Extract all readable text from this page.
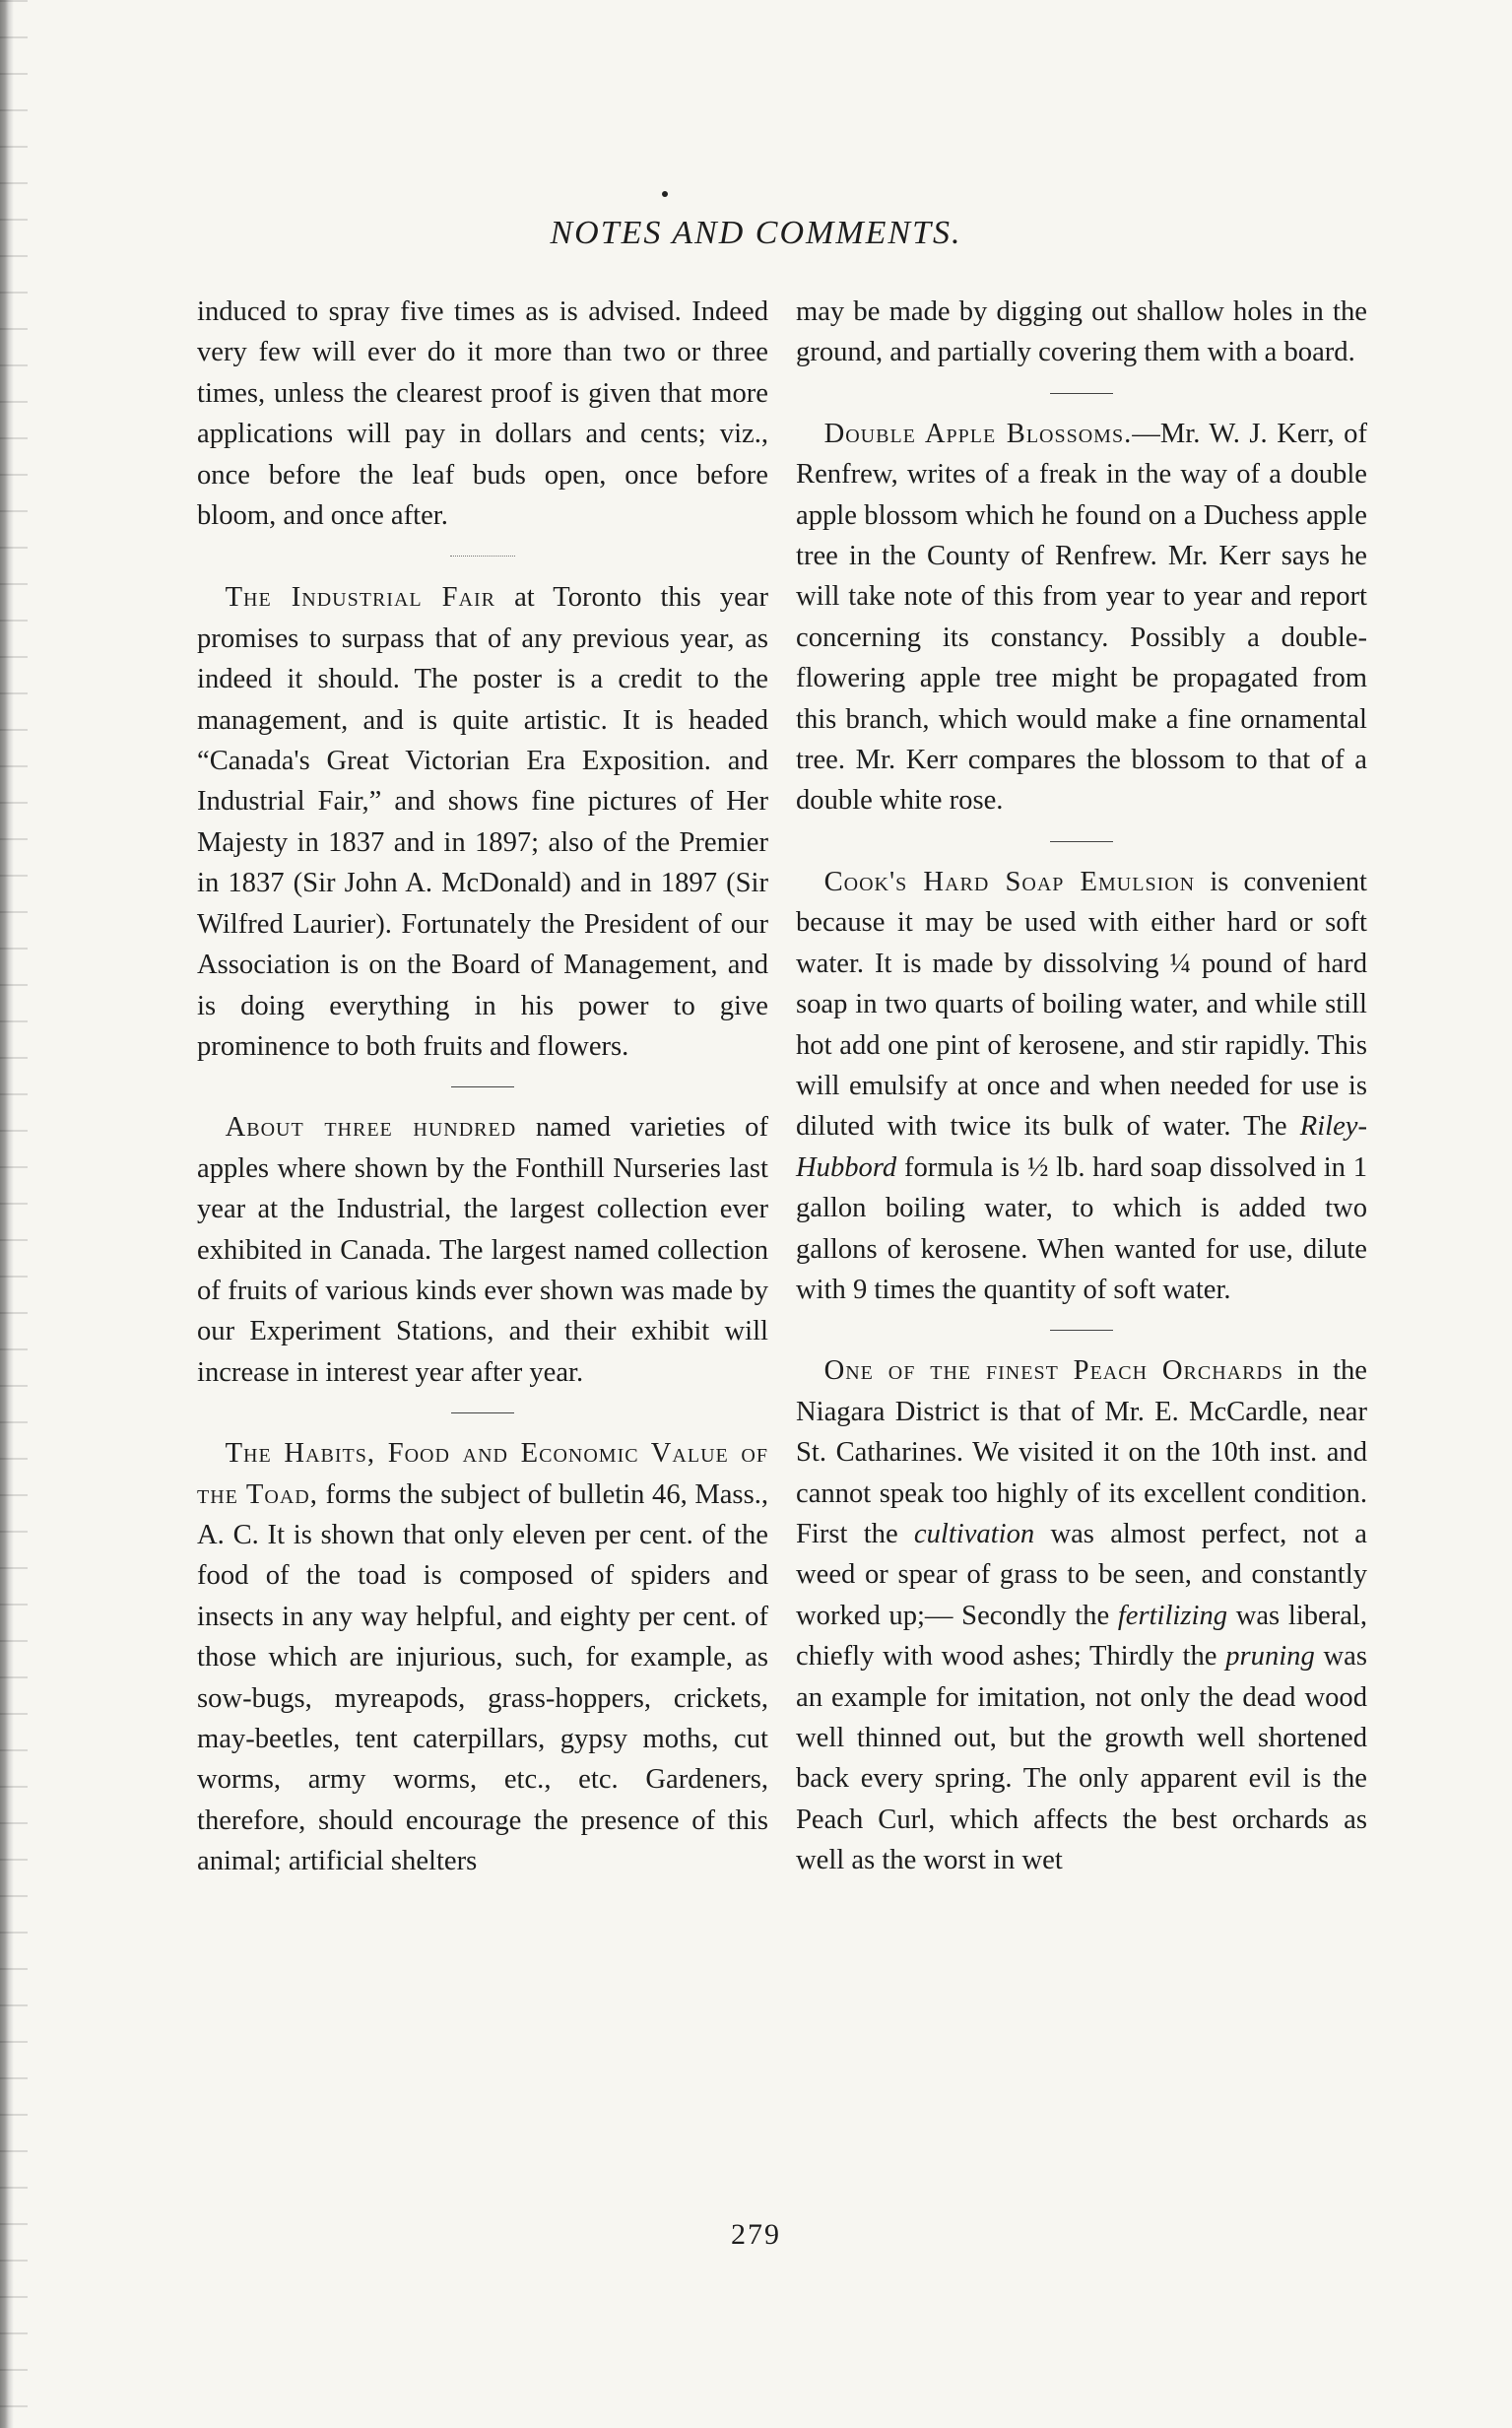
NOTES AND COMMENTS.

induced to spray five times as is advised. Indeed very few will ever do it more than two or three times, unless the clearest proof is given that more applications will pay in dollars and cents; viz., once before the leaf buds open, once before bloom, and once after.

 The Industrial Fair at Toronto this year promises to surpass that of any previous year, as indeed it should. The poster is a credit to the management, and is quite artistic. It is headed “Canada's Great Victorian Era Exposition. and Industrial Fair,” and shows fine pictures of Her Majesty in 1837 and in 1897; also of the Premier in 1837 (Sir John A. McDonald) and in 1897 (Sir Wilfred Laurier). Fortunately the President of our Association is on the Board of Management, and is doing everything in his power to give prominence to both fruits and flowers.

 About three hundred named varieties of apples where shown by the Fonthill Nurseries last year at the Industrial, the largest collection ever exhibited in Canada. The largest named collection of fruits of various kinds ever shown was made by our Experiment Stations, and their exhibit will increase in interest year after year.

 The Habits, Food and Economic Value of the Toad, forms the subject of bulletin 46, Mass., A. C. It is shown that only eleven per cent. of the food of the toad is composed of spiders and insects in any way helpful, and eighty per cent. of those which are injurious, such, for example, as sow-bugs, myreapods, grass-hoppers, crickets, may-beetles, tent caterpillars, gypsy moths, cut worms, army worms, etc., etc. Gardeners, therefore, should encourage the presence of this animal; artificial shelters

may be made by digging out shallow holes in the ground, and partially covering them with a board.

 Double Apple Blossoms.—Mr. W. J. Kerr, of Renfrew, writes of a freak in the way of a double apple blossom which he found on a Duchess apple tree in the County of Renfrew. Mr. Kerr says he will take note of this from year to year and report concerning its constancy. Possibly a double-flowering apple tree might be propagated from this branch, which would make a fine ornamental tree. Mr. Kerr compares the blossom to that of a double white rose.

 Cook's Hard Soap Emulsion is convenient because it may be used with either hard or soft water. It is made by dissolving ¼ pound of hard soap in two quarts of boiling water, and while still hot add one pint of kerosene, and stir rapidly. This will emulsify at once and when needed for use is diluted with twice its bulk of water. The Riley-Hubbord formula is ½ lb. hard soap dissolved in 1 gallon boiling water, to which is added two gallons of kerosene. When wanted for use, dilute with 9 times the quantity of soft water.

 One of the finest Peach Orchards in the Niagara District is that of Mr. E. McCardle, near St. Catharines. We visited it on the 10th inst. and cannot speak too highly of its excellent condition. First the cultivation was almost perfect, not a weed or spear of grass to be seen, and constantly worked up;— Secondly the fertilizing was liberal, chiefly with wood ashes; Thirdly the pruning was an example for imitation, not only the dead wood well thinned out, but the growth well shortened back every spring. The only apparent evil is the Peach Curl, which affects the best orchards as well as the worst in wet

279
